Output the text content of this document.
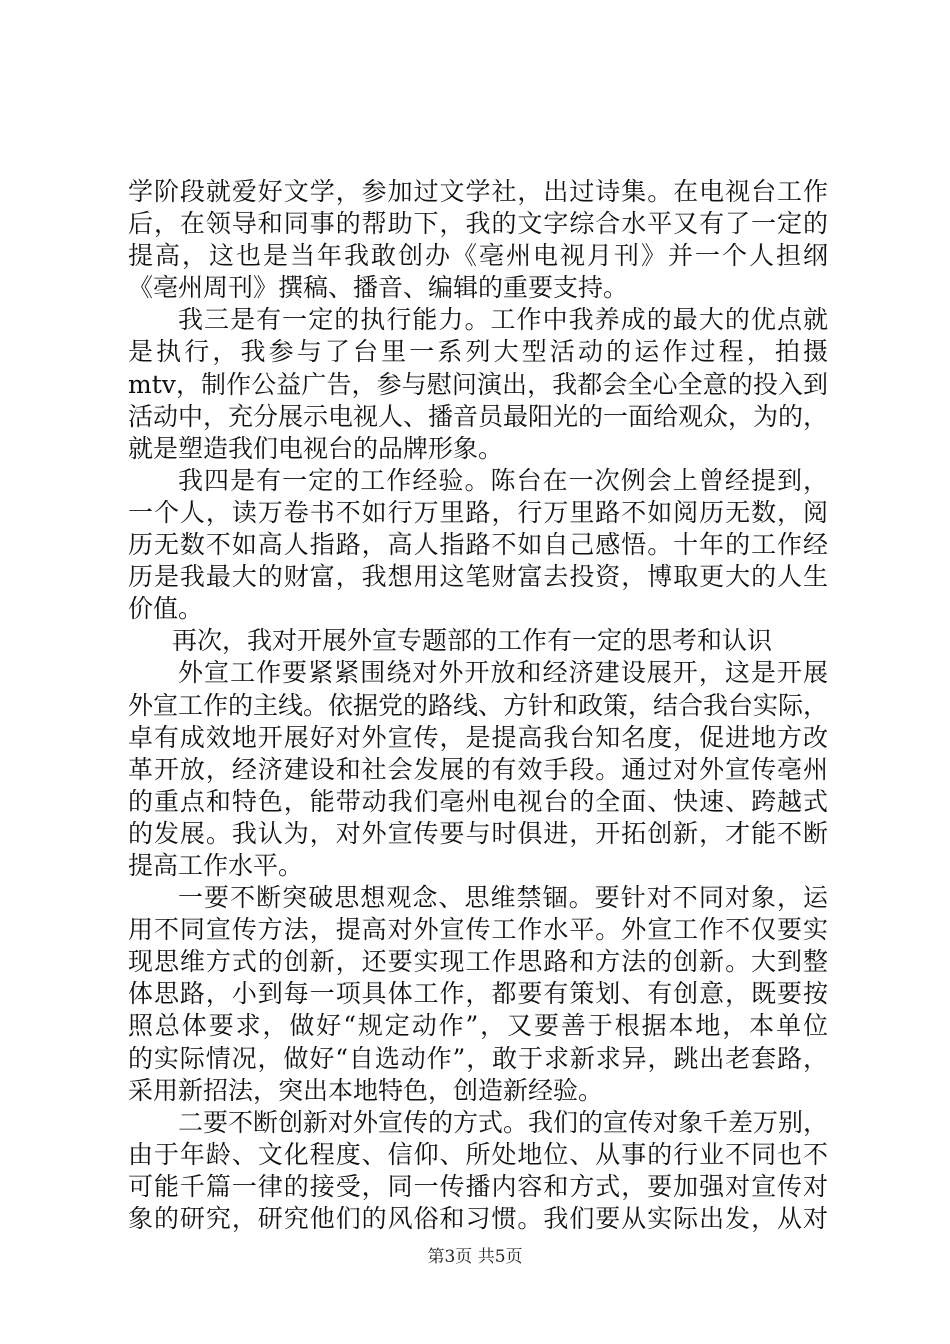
学阶段就爱好文学，参加过文学社，出过诗集。在电视台工作
后，在领导和同事的帮助下，我的文字综合水平又有了一定的
提高，这也是当年我敢创办《亳州电视月刊》并一个人担纲
《亳州周刊》撰稿、播音、编辑的重要支持。
我三是有一定的执行能力。工作中我养成的最大的优点就
是执行，我参与了台里一系列大型活动的运作过程，拍摄
mtv，制作公益广告，参与慰问演出，我都会全心全意的投入到
活动中，充分展示电视人、播音员最阳光的一面给观众，为的，
就是塑造我们电视台的品牌形象。
我四是有一定的工作经验。陈台在一次例会上曾经提到，
一个人，读万卷书不如行万里路，行万里路不如阅历无数，阅
历无数不如高人指路，高人指路不如自己感悟。十年的工作经
历是我最大的财富，我想用这笔财富去投资，博取更大的人生
价值。
再次，我对开展外宣专题部的工作有一定的思考和认识
外宣工作要紧紧围绕对外开放和经济建设展开，这是开展
外宣工作的主线。依据党的路线、方针和政策，结合我台实际，
卓有成效地开展好对外宣传，是提高我台知名度，促进地方改
革开放，经济建设和社会发展的有效手段。通过对外宣传亳州
的重点和特色，能带动我们亳州电视台的全面、快速、跨越式
的发展。我认为，对外宣传要与时俱进，开拓创新，才能不断
提高工作水平。
一要不断突破思想观念、思维禁锢。要针对不同对象，运
用不同宣传方法，提高对外宣传工作水平。外宣工作不仅要实
现思维方式的创新，还要实现工作思路和方法的创新。大到整
体思路，小到每一项具体工作，都要有策划、有创意，既要按
照总体要求，做好“规定动作”，又要善于根据本地，本单位
的实际情况，做好“自选动作”，敢于求新求异，跳出老套路，
采用新招法，突出本地特色，创造新经验。
二要不断创新对外宣传的方式。我们的宣传对象千差万别，
由于年龄、文化程度、信仰、所处地位、从事的行业不同也不
可能千篇一律的接受，同一传播内容和方式，要加强对宣传对
象的研究，研究他们的风俗和习惯。我们要从实际出发，从对
第3页 共5页
